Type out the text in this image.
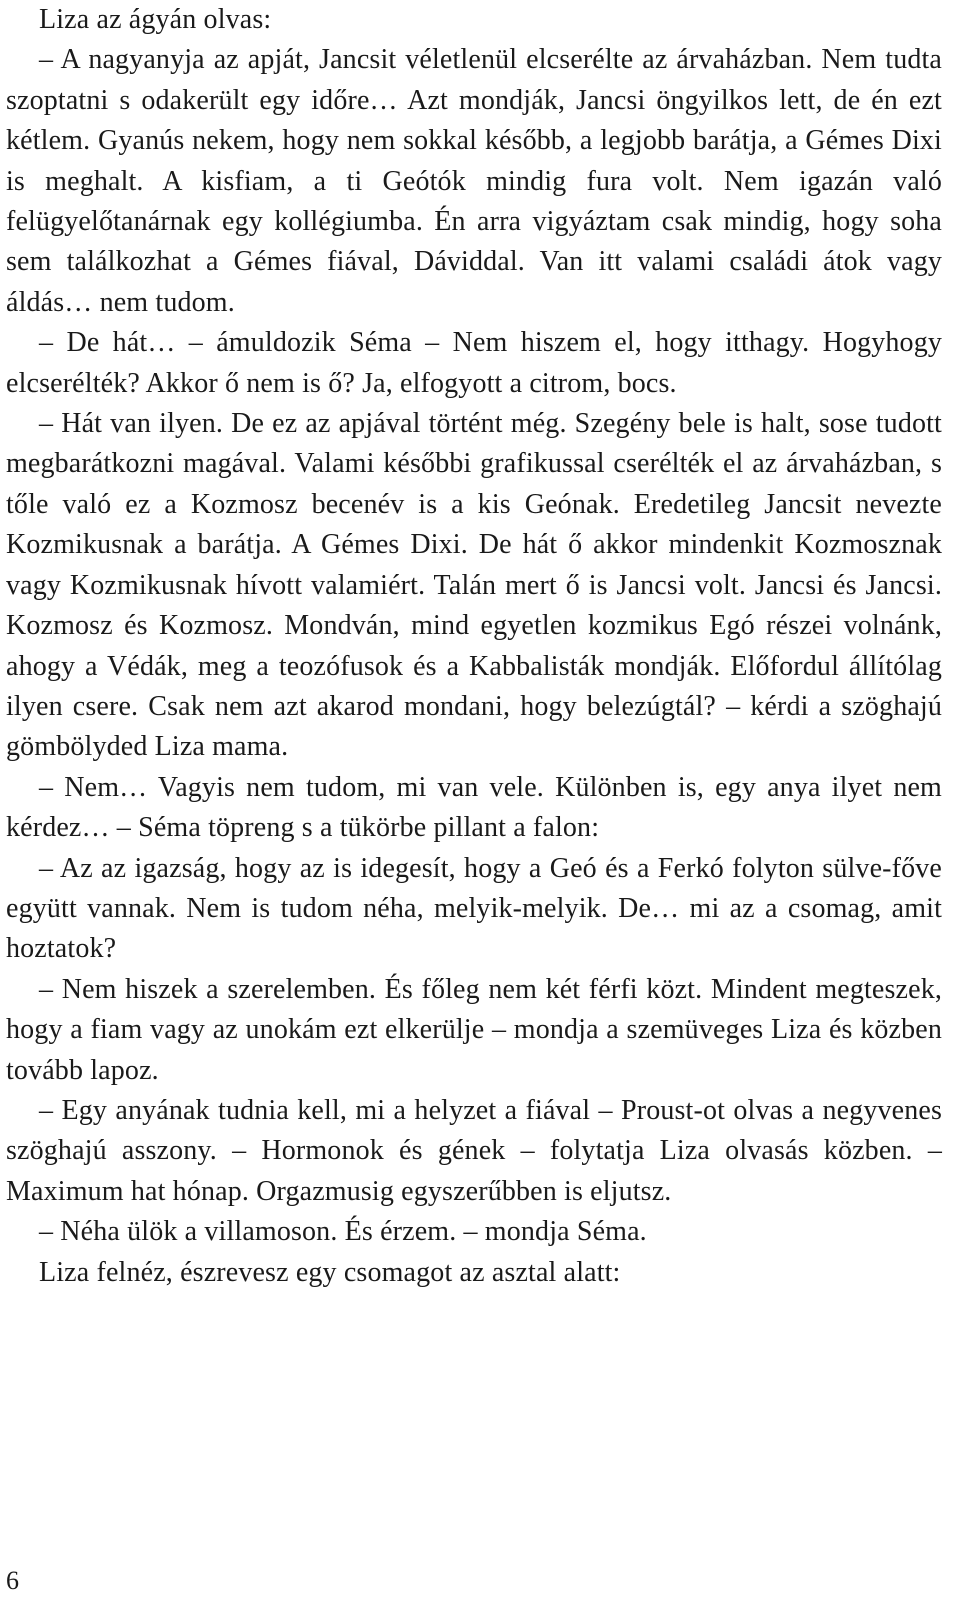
Liza az ágyán olvas:

– A nagyanyja az apját, Jancsit véletlenül elcserélte az árvaházban. Nem tudta szoptatni s odakerült egy időre… Azt mondják, Jancsi öngyilkos lett, de én ezt kétlem. Gyanús nekem, hogy nem sokkal később, a legjobb barátja, a Gémes Dixi is meghalt. A kisfiam, a ti Geótók mindig fura volt. Nem igazán való felügyelőtanárnak egy kollégiumba. Én arra vigyáztam csak mindig, hogy soha sem találkozhat a Gémes fiával, Dáviddal. Van itt valami családi átok vagy áldás… nem tudom.

– De hát… – ámuldozik Séma – Nem hiszem el, hogy itthagy. Hogyhogy elcserélték? Akkor ő nem is ő? Ja, elfogyott a citrom, bocs.

– Hát van ilyen. De ez az apjával történt még. Szegény bele is halt, sose tudott megbarátkozni magával. Valami későbbi grafikussal cserélték el az árvaházban, s tőle való ez a Kozmosz becenév is a kis Geónak. Eredetileg Jancsit nevezte Kozmikusnak a barátja. A Gémes Dixi. De hát ő akkor mindenkit Kozmosznak vagy Kozmikusnak hívott valamiért. Talán mert ő is Jancsi volt. Jancsi és Jancsi. Kozmosz és Kozmosz. Mondván, mind egyetlen kozmikus Egó részei volnánk, ahogy a Védák, meg a teozófusok és a Kabbalisták mondják. Előfordul állítólag ilyen csere. Csak nem azt akarod mondani, hogy belezúgtál? – kérdi a szöghajú gömbölyded Liza mama.

– Nem… Vagyis nem tudom, mi van vele. Különben is, egy anya ilyet nem kérdez… – Séma töpreng s a tükörbe pillant a falon:

– Az az igazság, hogy az is idegesít, hogy a Geó és a Ferkó folyton sülve-főve együtt vannak. Nem is tudom néha, melyik-melyik. De… mi az a csomag, amit hoztatok?

– Nem hiszek a szerelemben. És főleg nem két férfi közt. Mindent megteszek, hogy a fiam vagy az unokám ezt elkerülje – mondja a szemüveges Liza és közben tovább lapoz.

– Egy anyának tudnia kell, mi a helyzet a fiával – Proust-ot olvas a negyvenes szöghajú asszony. – Hormonok és gének – folytatja Liza olvasás közben. – Maximum hat hónap. Orgazmusig egyszerűbben is eljutsz.

– Néha ülök a villamoson. És érzem. – mondja Séma.

Liza felnéz, észrevesz egy csomagot az asztal alatt:

6
